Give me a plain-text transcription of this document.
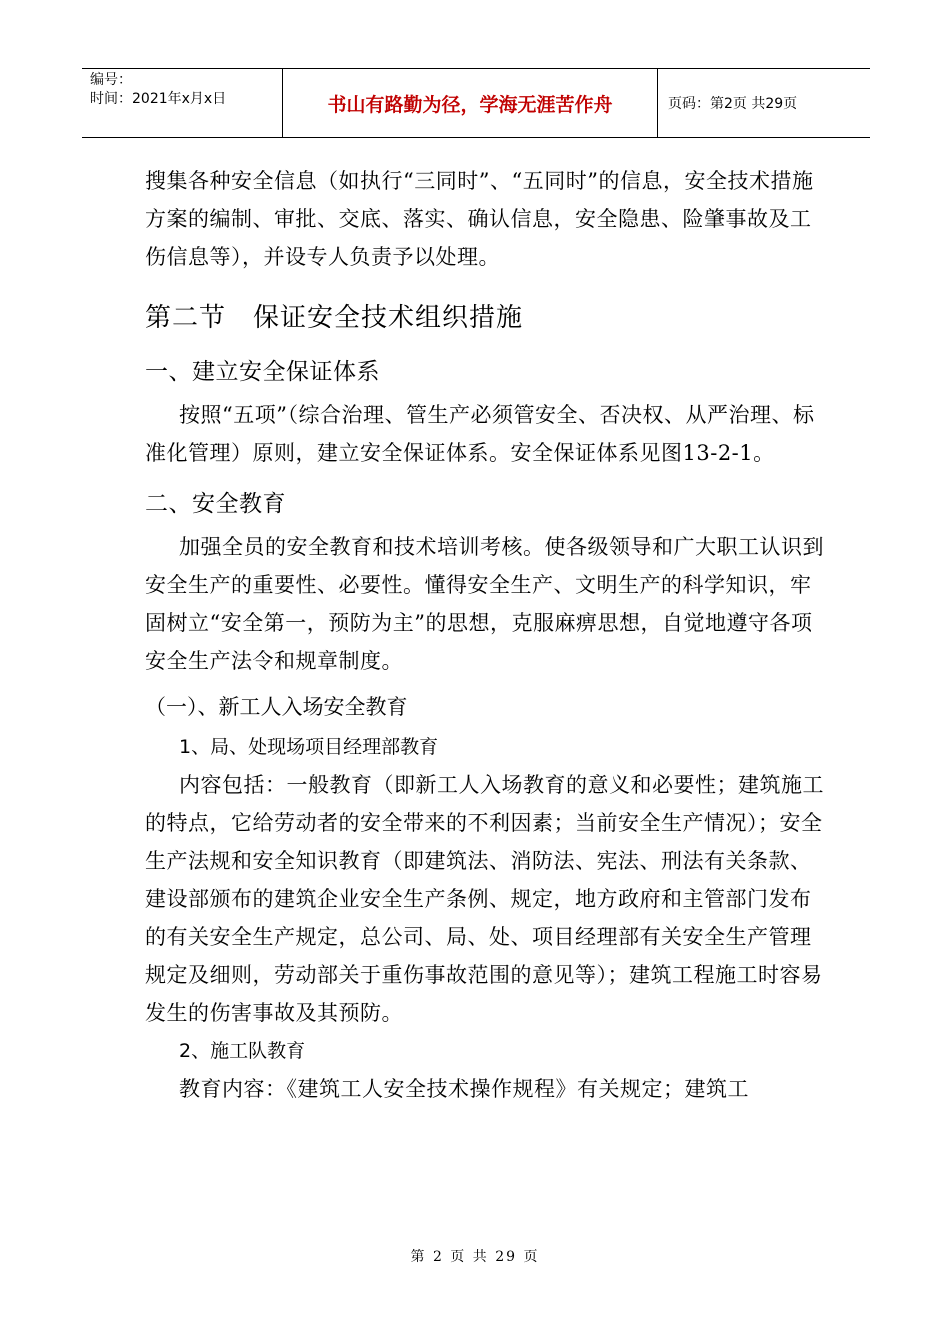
编号：
时间：2021年x月x日	书山有路勤为径，学海无涯苦作舟	页码：第2页 共29页

搜集各种安全信息（如执行“三同时”、“五同时”的信息，安全技术措施方案的编制、审批、交底、落实、确认信息，安全隐患、险肇事故及工伤信息等），并设专人负责予以处理。

第二节　保证安全技术组织措施
一、建立安全保证体系

按照“五项”（综合治理、管生产必须管安全、否决权、从严治理、标准化管理）原则，建立安全保证体系。安全保证体系见图13-2-1。

二、安全教育

加强全员的安全教育和技术培训考核。使各级领导和广大职工认识到安全生产的重要性、必要性。懂得安全生产、文明生产的科学知识，牢固树立“安全第一，预防为主”的思想，克服麻痹思想，自觉地遵守各项安全生产法令和规章制度。

（一）、新工人入场安全教育
1、局、处现场项目经理部教育

内容包括：一般教育（即新工人入场教育的意义和必要性；建筑施工的特点，它给劳动者的安全带来的不利因素；当前安全生产情况）；安全生产法规和安全知识教育（即建筑法、消防法、宪法、刑法有关条款、建设部颁布的建筑企业安全生产条例、规定，地方政府和主管部门发布的有关安全生产规定，总公司、局、处、项目经理部有关安全生产管理规定及细则，劳动部关于重伤事故范围的意见等）；建筑工程施工时容易发生的伤害事故及其预防。

2、施工队教育

教育内容：《建筑工人安全技术操作规程》有关规定；建筑工

第 2 页 共 29 页
